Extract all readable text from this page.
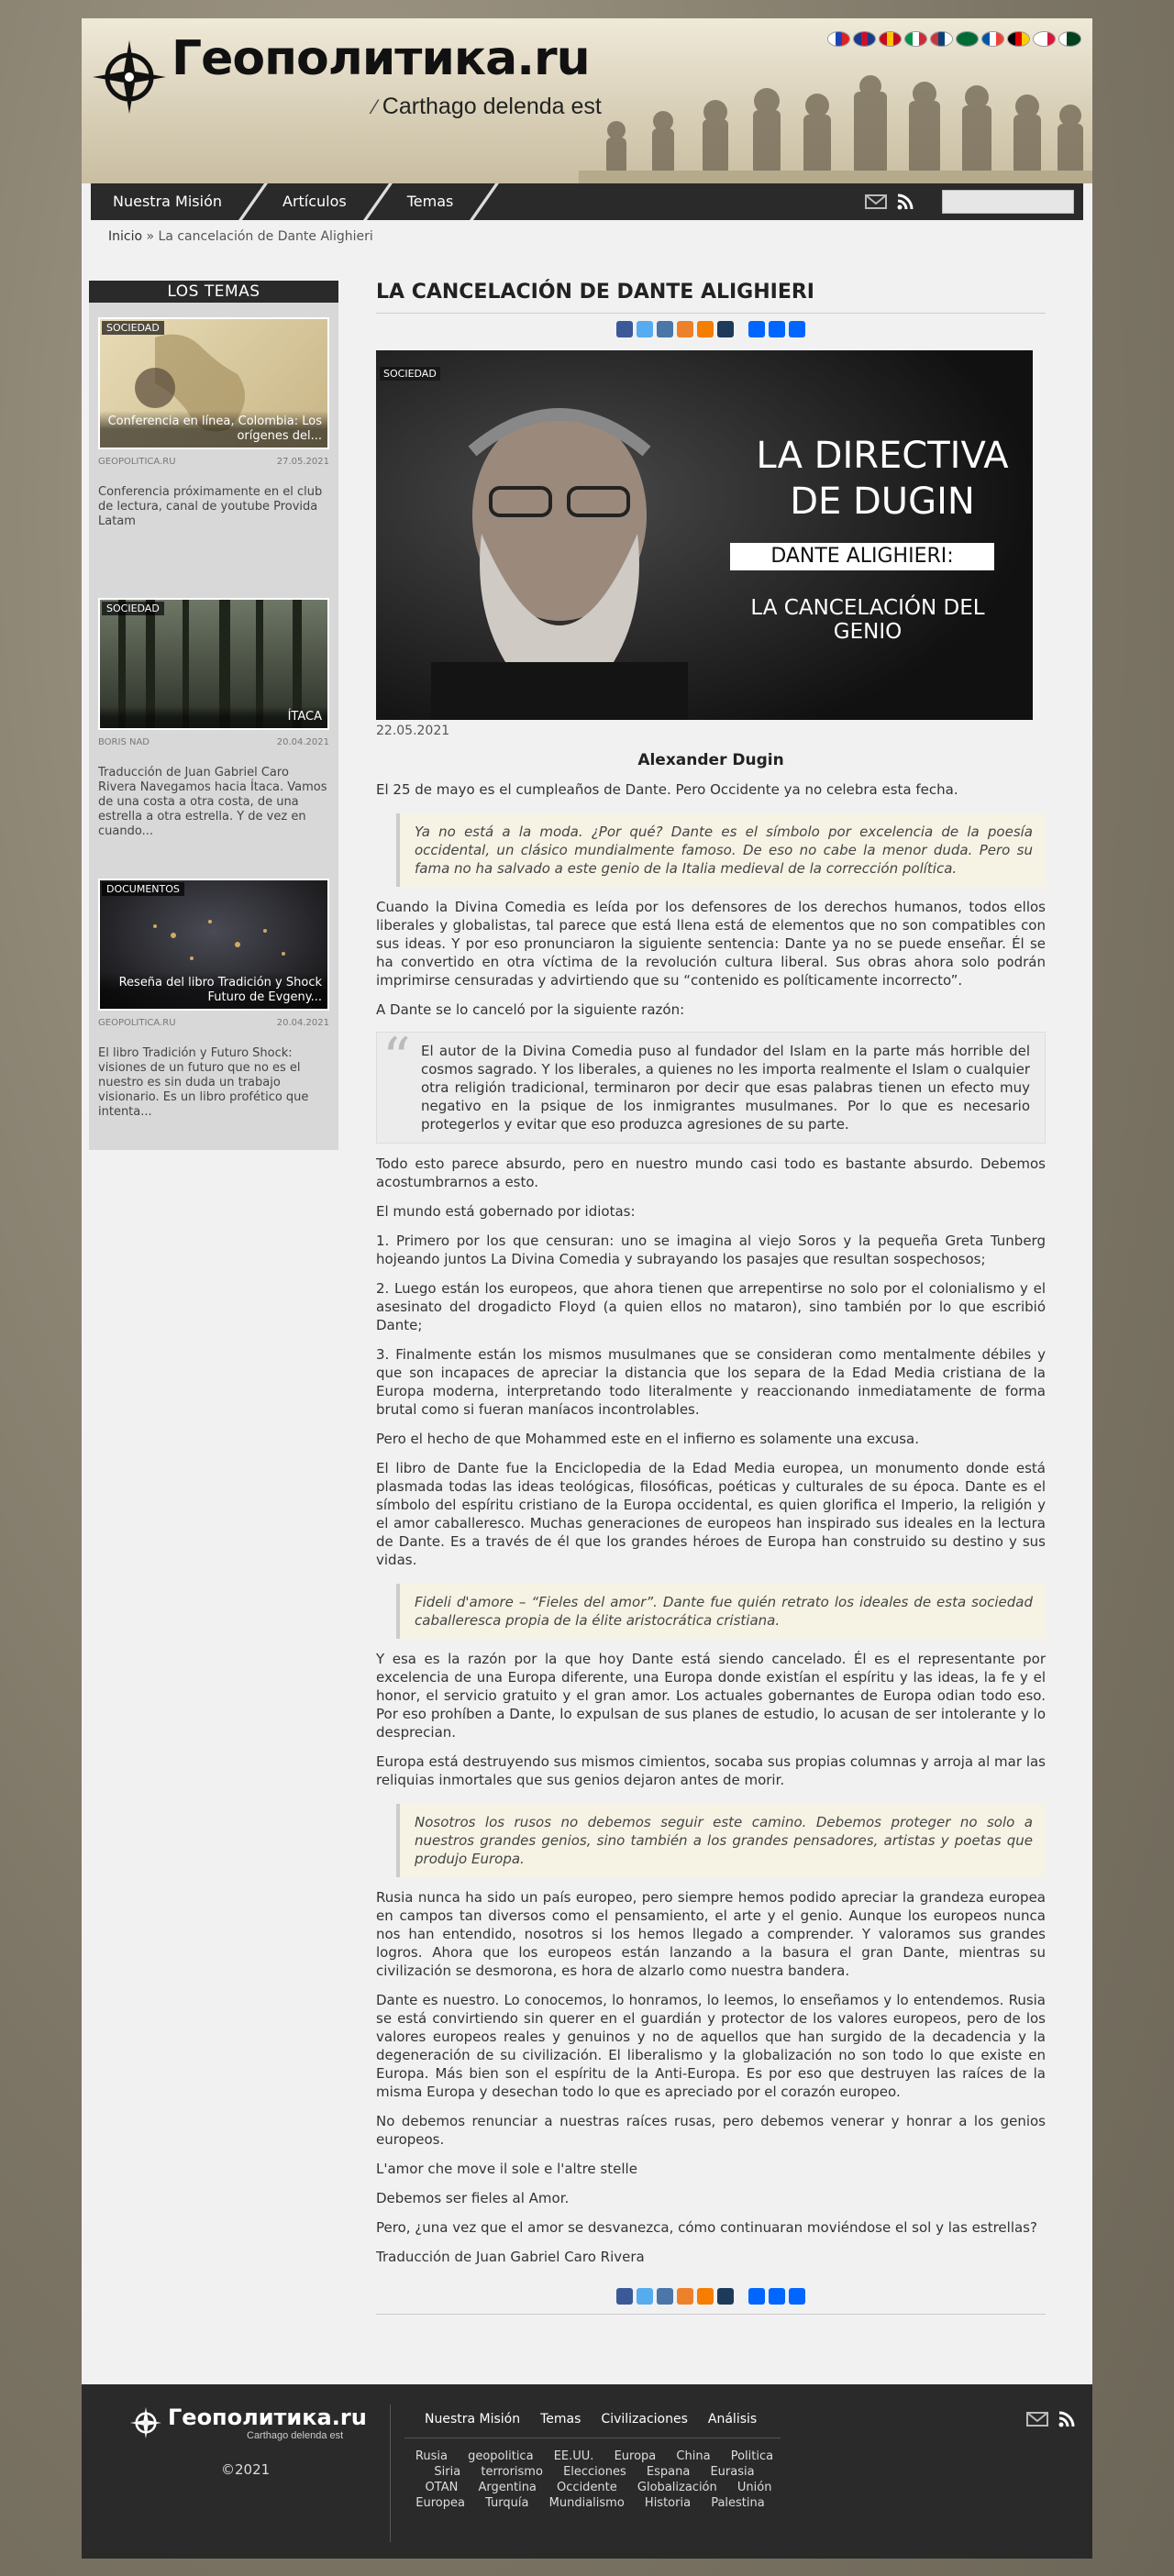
Геополитика.ru
⁄ Carthago delenda est
Nuestra Misión	Artículos	Temas
Inicio » La cancelación de Dante Alighieri
LOS TEMAS
SOCIEDAD
Conferencia en línea, Colombia: Los orígenes del...
GEOPOLITICA.RU	27.05.2021
Conferencia próximamente en el club de lectura, canal de youtube Provida Latam
SOCIEDAD
ÍTACA
BORIS NAD	20.04.2021
Traducción de Juan Gabriel Caro Rivera Navegamos hacia Ítaca. Vamos de una costa a otra costa, de una estrella a otra estrella. Y de vez en cuando...
DOCUMENTOS
Reseña del libro Tradición y Shock Futuro de Evgeny...
GEOPOLITICA.RU	20.04.2021
El libro Tradición y Futuro Shock: visiones de un futuro que no es el nuestro es sin duda un trabajo visionario. Es un libro profético que intenta...
LA CANCELACIÓN DE DANTE ALIGHIERI
SOCIEDAD
LA DIRECTIVA DE DUGIN
DANTE ALIGHIERI:
LA CANCELACIÓN DEL GENIO
22.05.2021
Alexander Dugin

El 25 de mayo es el cumpleaños de Dante. Pero Occidente ya no celebra esta fecha.

Ya no está a la moda. ¿Por qué? Dante es el símbolo por excelencia de la poesía occidental, un clásico mundialmente famoso. De eso no cabe la menor duda. Pero su fama no ha salvado a este genio de la Italia medieval de la corrección política.

Cuando la Divina Comedia es leída por los defensores de los derechos humanos, todos ellos liberales y globalistas, tal parece que está llena está de elementos que no son compatibles con sus ideas. Y por eso pronunciaron la siguiente sentencia: Dante ya no se puede enseñar. Él se ha convertido en otra víctima de la revolución cultura liberal. Sus obras ahora solo podrán imprimirse censuradas y advirtiendo que su “contenido es políticamente incorrecto”.

A Dante se lo canceló por la siguiente razón:

“ El autor de la Divina Comedia puso al fundador del Islam en la parte más horrible del cosmos sagrado. Y los liberales, a quienes no les importa realmente el Islam o cualquier otra religión tradicional, terminaron por decir que esas palabras tienen un efecto muy negativo en la psique de los inmigrantes musulmanes. Por lo que es necesario protegerlos y evitar que eso produzca agresiones de su parte.

Todo esto parece absurdo, pero en nuestro mundo casi todo es bastante absurdo. Debemos acostumbrarnos a esto.

El mundo está gobernado por idiotas:

1. Primero por los que censuran: uno se imagina al viejo Soros y la pequeña Greta Tunberg hojeando juntos La Divina Comedia y subrayando los pasajes que resultan sospechosos;

2. Luego están los europeos, que ahora tienen que arrepentirse no solo por el colonialismo y el asesinato del drogadicto Floyd (a quien ellos no mataron), sino también por lo que escribió Dante;

3. Finalmente están los mismos musulmanes que se consideran como mentalmente débiles y que son incapaces de apreciar la distancia que los separa de la Edad Media cristiana de la Europa moderna, interpretando todo literalmente y reaccionando inmediatamente de forma brutal como si fueran maníacos incontrolables.

Pero el hecho de que Mohammed este en el infierno es solamente una excusa.

El libro de Dante fue la Enciclopedia de la Edad Media europea, un monumento donde está plasmada todas las ideas teológicas, filosóficas, poéticas y culturales de su época. Dante es el símbolo del espíritu cristiano de la Europa occidental, es quien glorifica el Imperio, la religión y el amor caballeresco. Muchas generaciones de europeos han inspirado sus ideales en la lectura de Dante. Es a través de él que los grandes héroes de Europa han construido su destino y sus vidas.

Fideli d'amore – “Fieles del amor”. Dante fue quién retrato los ideales de esta sociedad caballeresca propia de la élite aristocrática cristiana.

Y esa es la razón por la que hoy Dante está siendo cancelado. Él es el representante por excelencia de una Europa diferente, una Europa donde existían el espíritu y las ideas, la fe y el honor, el servicio gratuito y el gran amor. Los actuales gobernantes de Europa odian todo eso. Por eso prohíben a Dante, lo expulsan de sus planes de estudio, lo acusan de ser intolerante y lo desprecian.

Europa está destruyendo sus mismos cimientos, socaba sus propias columnas y arroja al mar las reliquias inmortales que sus genios dejaron antes de morir.

Nosotros los rusos no debemos seguir este camino. Debemos proteger no solo a nuestros grandes genios, sino también a los grandes pensadores, artistas y poetas que produjo Europa.

Rusia nunca ha sido un país europeo, pero siempre hemos podido apreciar la grandeza europea en campos tan diversos como el pensamiento, el arte y el genio. Aunque los europeos nunca nos han entendido, nosotros si los hemos llegado a comprender. Y valoramos sus grandes logros. Ahora que los europeos están lanzando a la basura el gran Dante, mientras su civilización se desmorona, es hora de alzarlo como nuestra bandera.

Dante es nuestro. Lo conocemos, lo honramos, lo leemos, lo enseñamos y lo entendemos. Rusia se está convirtiendo sin querer en el guardián y protector de los valores europeos, pero de los valores europeos reales y genuinos y no de aquellos que han surgido de la decadencia y la degeneración de su civilización. El liberalismo y la globalización no son todo lo que existe en Europa. Más bien son el espíritu de la Anti-Europa. Es por eso que destruyen las raíces de la misma Europa y desechan todo lo que es apreciado por el corazón europeo.

No debemos renunciar a nuestras raíces rusas, pero debemos venerar y honrar a los genios europeos.

L'amor che move il sole e l'altre stelle

Debemos ser fieles al Amor.

Pero, ¿una vez que el amor se desvanezca, cómo continuaran moviéndose el sol y las estrellas?

Traducción de Juan Gabriel Caro Rivera

Геополитика.ru
Carthago delenda est
©2021
Nuestra Misión Temas Civilizaciones Análisis
Rusia geopolitica EE.UU. Europa China Politica Siria terrorismo Elecciones Espana Eurasia OTAN Argentina Occidente Globalización Unión Europea Turquía Mundialismo Historia Palestina
